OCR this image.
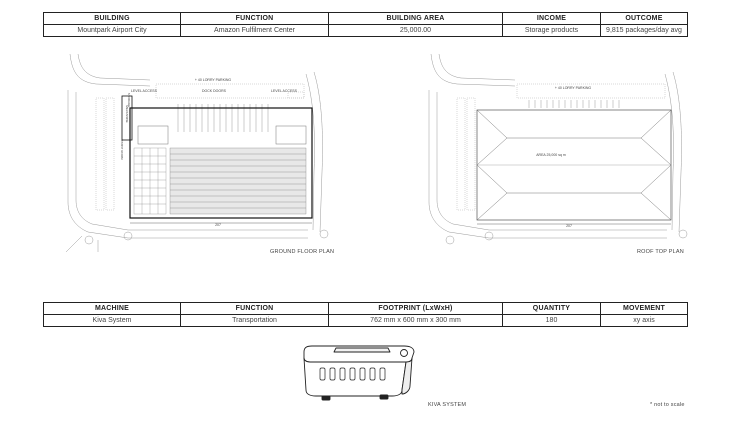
BUILDING	FUNCTION	BUILDING AREA	INCOME	OUTCOME
Mountpark Airport City	Amazon Fulfilment Center	25,000.00	Storage products	9,815 packages/day avg
+ 40 LORRY PARKING
DOCK DOORS
LEVEL ACCESS	LEVEL ACCESS
STORAGE
MEZZANINE
PRINT ROOM
207
GROUND FLOOR PLAN
+ 40 LORRY PARKING
AREA 25,000 sq m
207
ROOF TOP PLAN
MACHINE	FUNCTION	FOOTPRINT (LxWxH)	QUANTITY	MOVEMENT
Kiva System	Transportation	762 mm x 600 mm x 300 mm	180	xy axis
KIVA SYSTEM	* not to scale
